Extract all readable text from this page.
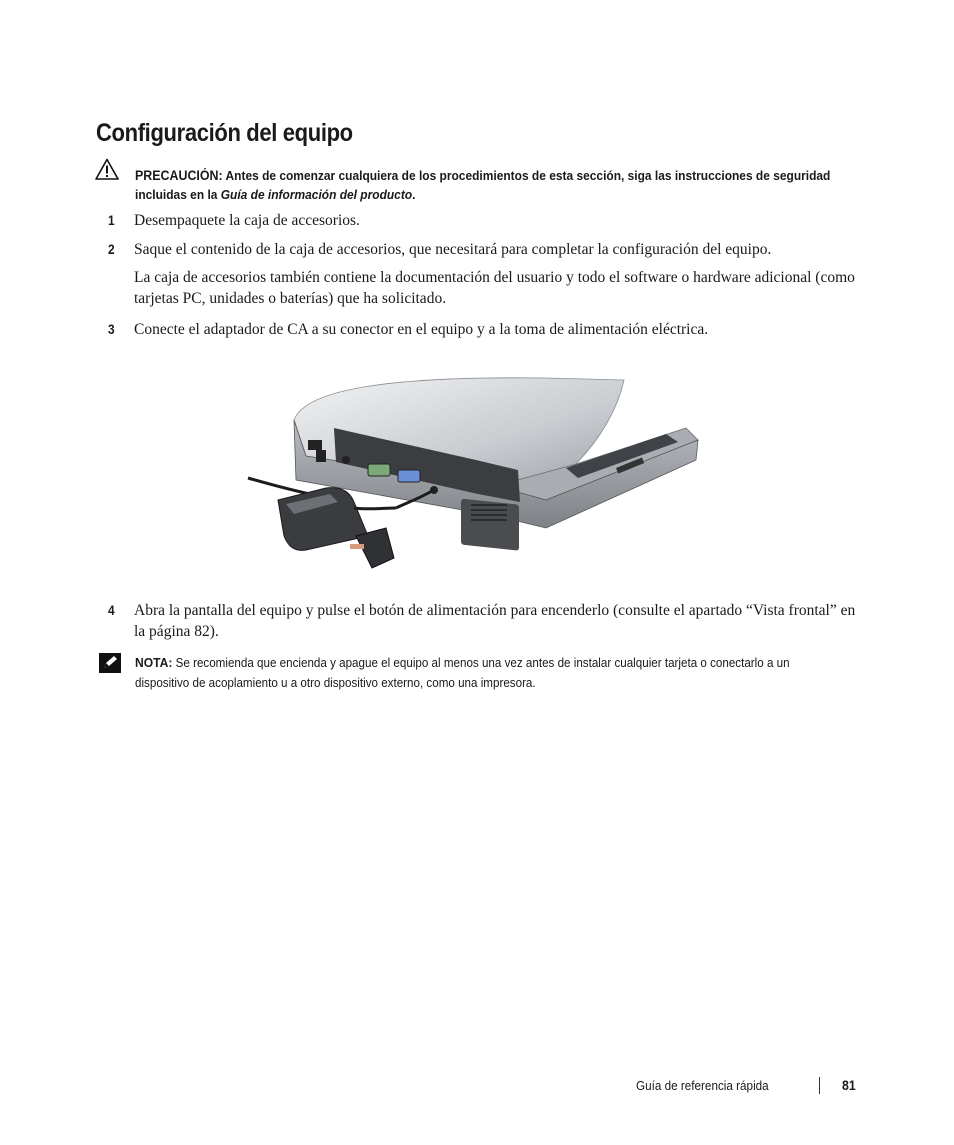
Configuración del equipo
PRECAUCIÓN: Antes de comenzar cualquiera de los procedimientos de esta sección, siga las instrucciones de seguridad incluidas en la Guía de información del producto.
1 Desempaquete la caja de accesorios.
2 Saque el contenido de la caja de accesorios, que necesitará para completar la configuración del equipo.
La caja de accesorios también contiene la documentación del usuario y todo el software o hardware adicional (como tarjetas PC, unidades o baterías) que ha solicitado.
3 Conecte el adaptador de CA a su conector en el equipo y a la toma de alimentación eléctrica.
4 Abra la pantalla del equipo y pulse el botón de alimentación para encenderlo (consulte el apartado “Vista frontal” en la página 82).
NOTA: Se recomienda que encienda y apague el equipo al menos una vez antes de instalar cualquier tarjeta o conectarlo a un dispositivo de acoplamiento u a otro dispositivo externo, como una impresora.
Guía de referencia rápida	81
